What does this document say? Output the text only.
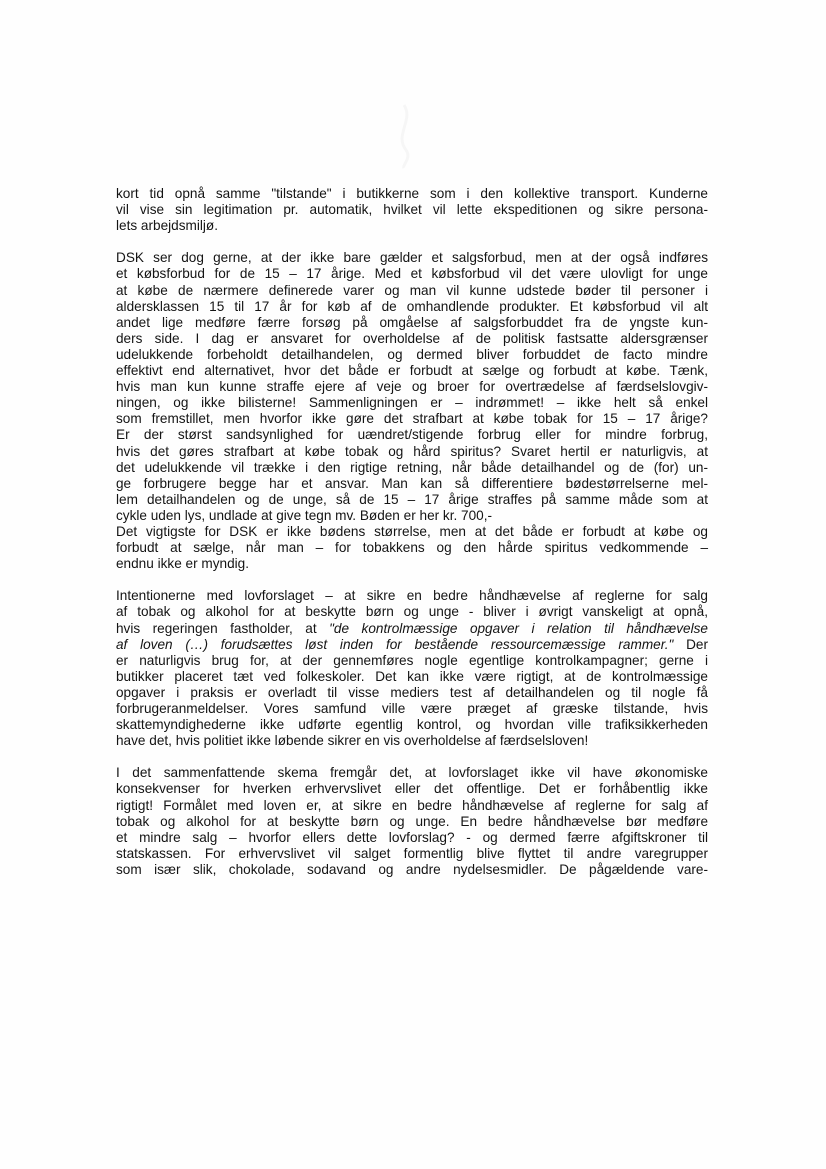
kort tid opnå samme "tilstande" i butikkerne som i den kollektive transport. Kunderne
vil vise sin legitimation pr. automatik, hvilket vil lette ekspeditionen og sikre persona-
lets arbejdsmiljø.
DSK ser dog gerne, at der ikke bare gælder et salgsforbud, men at der også indføres
et købsforbud for de 15 – 17 årige. Med et købsforbud vil det være ulovligt for unge
at købe de nærmere definerede varer og man vil kunne udstede bøder til personer i
aldersklassen 15 til 17 år for køb af de omhandlende produkter. Et købsforbud vil alt
andet lige medføre færre forsøg på omgåelse af salgsforbuddet fra de yngste kun-
ders side. I dag er ansvaret for overholdelse af de politisk fastsatte aldersgrænser
udelukkende forbeholdt detailhandelen, og dermed bliver forbuddet de facto mindre
effektivt end alternativet, hvor det både er forbudt at sælge og forbudt at købe. Tænk,
hvis man kun kunne straffe ejere af veje og broer for overtrædelse af færdselslovgiv-
ningen, og ikke bilisterne! Sammenligningen er – indrømmet! – ikke helt så enkel
som fremstillet, men hvorfor ikke gøre det strafbart at købe tobak for 15 – 17 årige?
Er der størst sandsynlighed for uændret/stigende forbrug eller for mindre forbrug,
hvis det gøres strafbart at købe tobak og hård spiritus? Svaret hertil er naturligvis, at
det udelukkende vil trække i den rigtige retning, når både detailhandel og de (for) un-
ge forbrugere begge har et ansvar. Man kan så differentiere bødestørrelserne mel-
lem detailhandelen og de unge, så de 15 – 17 årige straffes på samme måde som at
cykle uden lys, undlade at give tegn mv. Bøden er her kr. 700,-
Det vigtigste for DSK er ikke bødens størrelse, men at det både er forbudt at købe og
forbudt at sælge, når man – for tobakkens og den hårde spiritus vedkommende –
endnu ikke er myndig.
Intentionerne med lovforslaget – at sikre en bedre håndhævelse af reglerne for salg
af tobak og alkohol for at beskytte børn og unge - bliver i øvrigt vanskeligt at opnå,
hvis regeringen fastholder, at "de kontrolmæssige opgaver i relation til håndhævelse
af loven (…) forudsættes løst inden for bestående ressourcemæssige rammer." Der
er naturligvis brug for, at der gennemføres nogle egentlige kontrolkampagner; gerne i
butikker placeret tæt ved folkeskoler. Det kan ikke være rigtigt, at de kontrolmæssige
opgaver i praksis er overladt til visse mediers test af detailhandelen og til nogle få
forbrugeranmeldelser. Vores samfund ville være præget af græske tilstande, hvis
skattemyndighederne ikke udførte egentlig kontrol, og hvordan ville trafiksikkerheden
have det, hvis politiet ikke løbende sikrer en vis overholdelse af færdselsloven!
I det sammenfattende skema fremgår det, at lovforslaget ikke vil have økonomiske
konsekvenser for hverken erhvervslivet eller det offentlige. Det er forhåbentlig ikke
rigtigt! Formålet med loven er, at sikre en bedre håndhævelse af reglerne for salg af
tobak og alkohol for at beskytte børn og unge. En bedre håndhævelse bør medføre
et mindre salg – hvorfor ellers dette lovforslag? - og dermed færre afgiftskroner til
statskassen. For erhvervslivet vil salget formentlig blive flyttet til andre varegrupper
som især slik, chokolade, sodavand og andre nydelsesmidler. De pågældende vare-
